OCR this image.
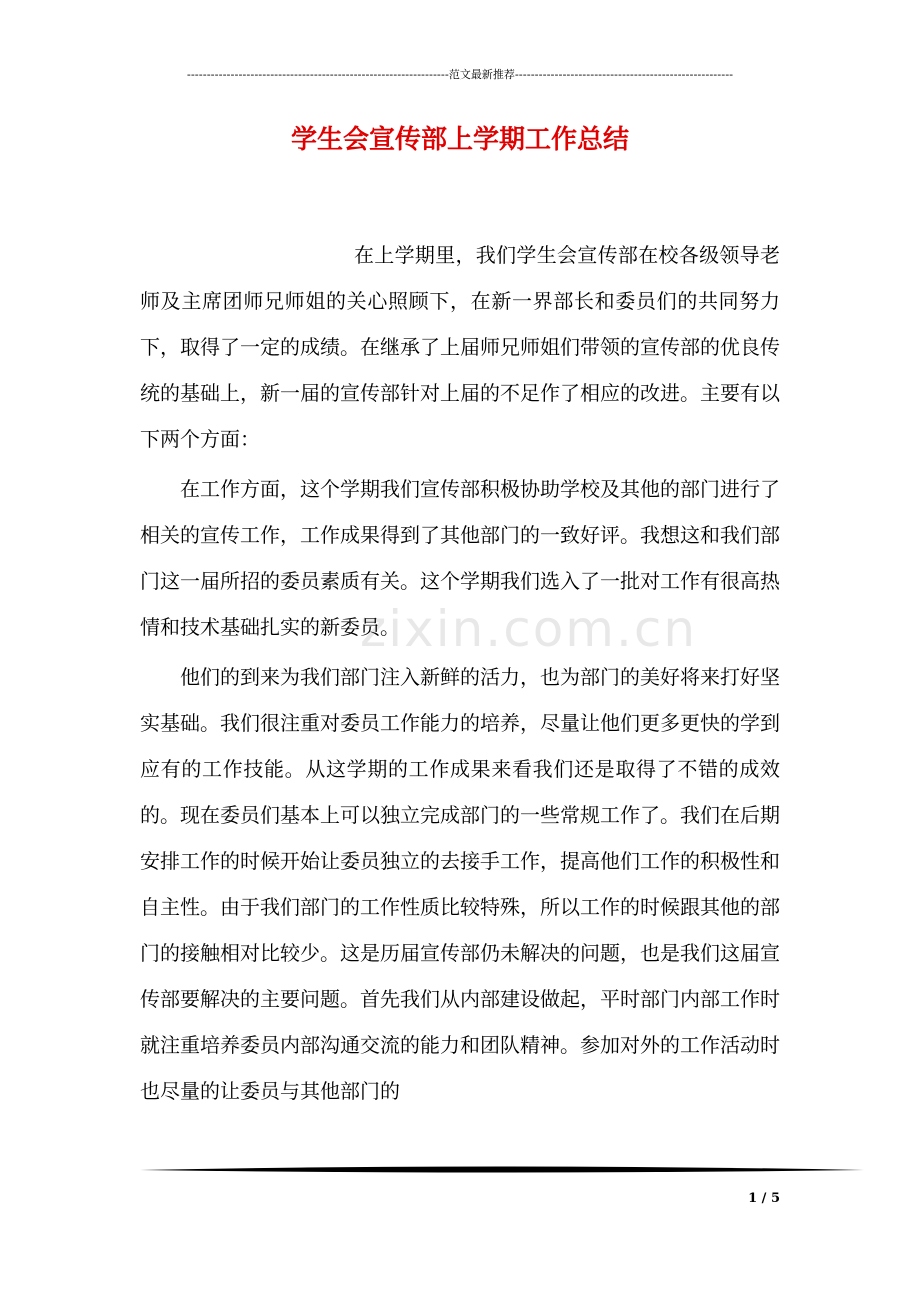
------------------------------------------------------------------范文最新推荐-------------------------------------------------------
学生会宣传部上学期工作总结

在上学期里，我们学生会宣传部在校各级领导老师及主席团师兄师姐的关心照顾下，在新一界部长和委员们的共同努力下，取得了一定的成绩。在继承了上届师兄师姐们带领的宣传部的优良传统的基础上，新一届的宣传部针对上届的不足作了相应的改进。主要有以下两个方面：

在工作方面，这个学期我们宣传部积极协助学校及其他的部门进行了相关的宣传工作，工作成果得到了其他部门的一致好评。我想这和我们部门这一届所招的委员素质有关。这个学期我们选入了一批对工作有很高热情和技术基础扎实的新委员。

他们的到来为我们部门注入新鲜的活力，也为部门的美好将来打好坚实基础。我们很注重对委员工作能力的培养，尽量让他们更多更快的学到应有的工作技能。从这学期的工作成果来看我们还是取得了不错的成效的。现在委员们基本上可以独立完成部门的一些常规工作了。我们在后期安排工作的时候开始让委员独立的去接手工作，提高他们工作的积极性和自主性。由于我们部门的工作性质比较特殊，所以工作的时候跟其他的部门的接触相对比较少。这是历届宣传部仍未解决的问题，也是我们这届宣传部要解决的主要问题。首先我们从内部建设做起，平时部门内部工作时就注重培养委员内部沟通交流的能力和团队精神。参加对外的工作活动时也尽量的让委员与其他部门的

zixin.com.cn
1 / 5
